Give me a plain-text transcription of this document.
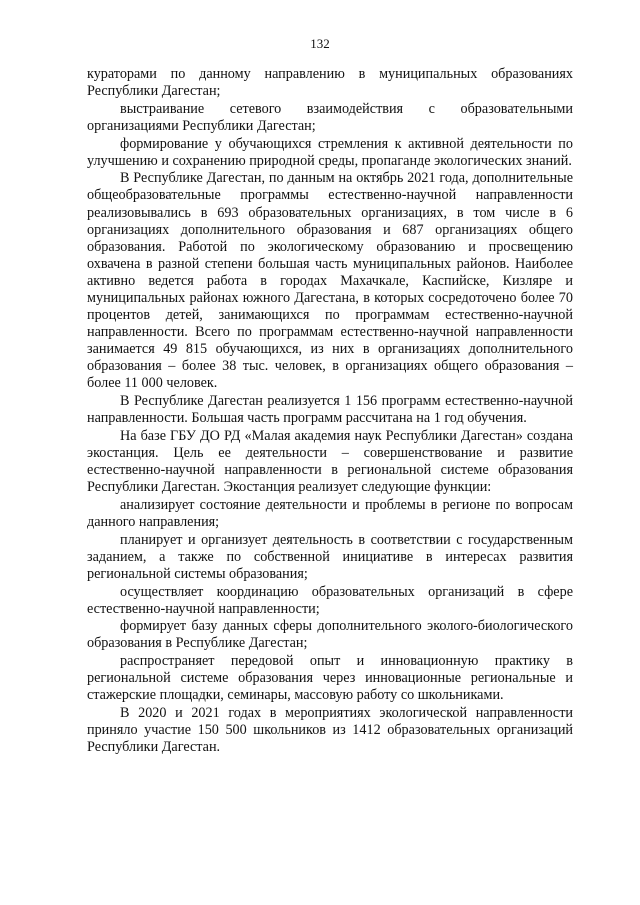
132

кураторами по данному направлению в муниципальных образованиях Республики Дагестан;

выстраивание сетевого взаимодействия с образовательными организациями Республики Дагестан;

формирование у обучающихся стремления к активной деятельности по улучшению и сохранению природной среды, пропаганде экологических знаний.

В Республике Дагестан, по данным на октябрь 2021 года, дополнительные общеобразовательные программы естественно-научной направленности реализовывались в 693 образовательных организациях, в том числе в 6 организациях дополнительного образования и 687 организациях общего образования. Работой по экологическому образованию и просвещению охвачена в разной степени большая часть муниципальных районов. Наиболее активно ведется работа в городах Махачкале, Каспийске, Кизляре и муниципальных районах южного Дагестана, в которых сосредоточено более 70 процентов детей, занимающихся по программам естественно-научной направленности. Всего по программам естественно-научной направленности занимается 49 815 обучающихся, из них в организациях дополнительного образования – более 38 тыс. человек, в организациях общего образования – более 11 000 человек.

В Республике Дагестан реализуется 1 156 программ естественно-научной направленности. Большая часть программ рассчитана на 1 год обучения.

На базе ГБУ ДО РД «Малая академия наук Республики Дагестан» создана экостанция. Цель ее деятельности – совершенствование и развитие естественно-научной направленности в региональной системе образования Республики Дагестан. Экостанция реализует следующие функции:

анализирует состояние деятельности и проблемы в регионе по вопросам данного направления;

планирует и организует деятельность в соответствии с государственным заданием, а также по собственной инициативе в интересах развития региональной системы образования;

осуществляет координацию образовательных организаций в сфере естественно-научной направленности;

формирует базу данных сферы дополнительного эколого-биологического образования в Республике Дагестан;

распространяет передовой опыт и инновационную практику в региональной системе образования через инновационные региональные и стажерские площадки, семинары, массовую работу со школьниками.

В 2020 и 2021 годах в мероприятиях экологической направленности приняло участие 150 500 школьников из 1412 образовательных организаций Республики Дагестан.
